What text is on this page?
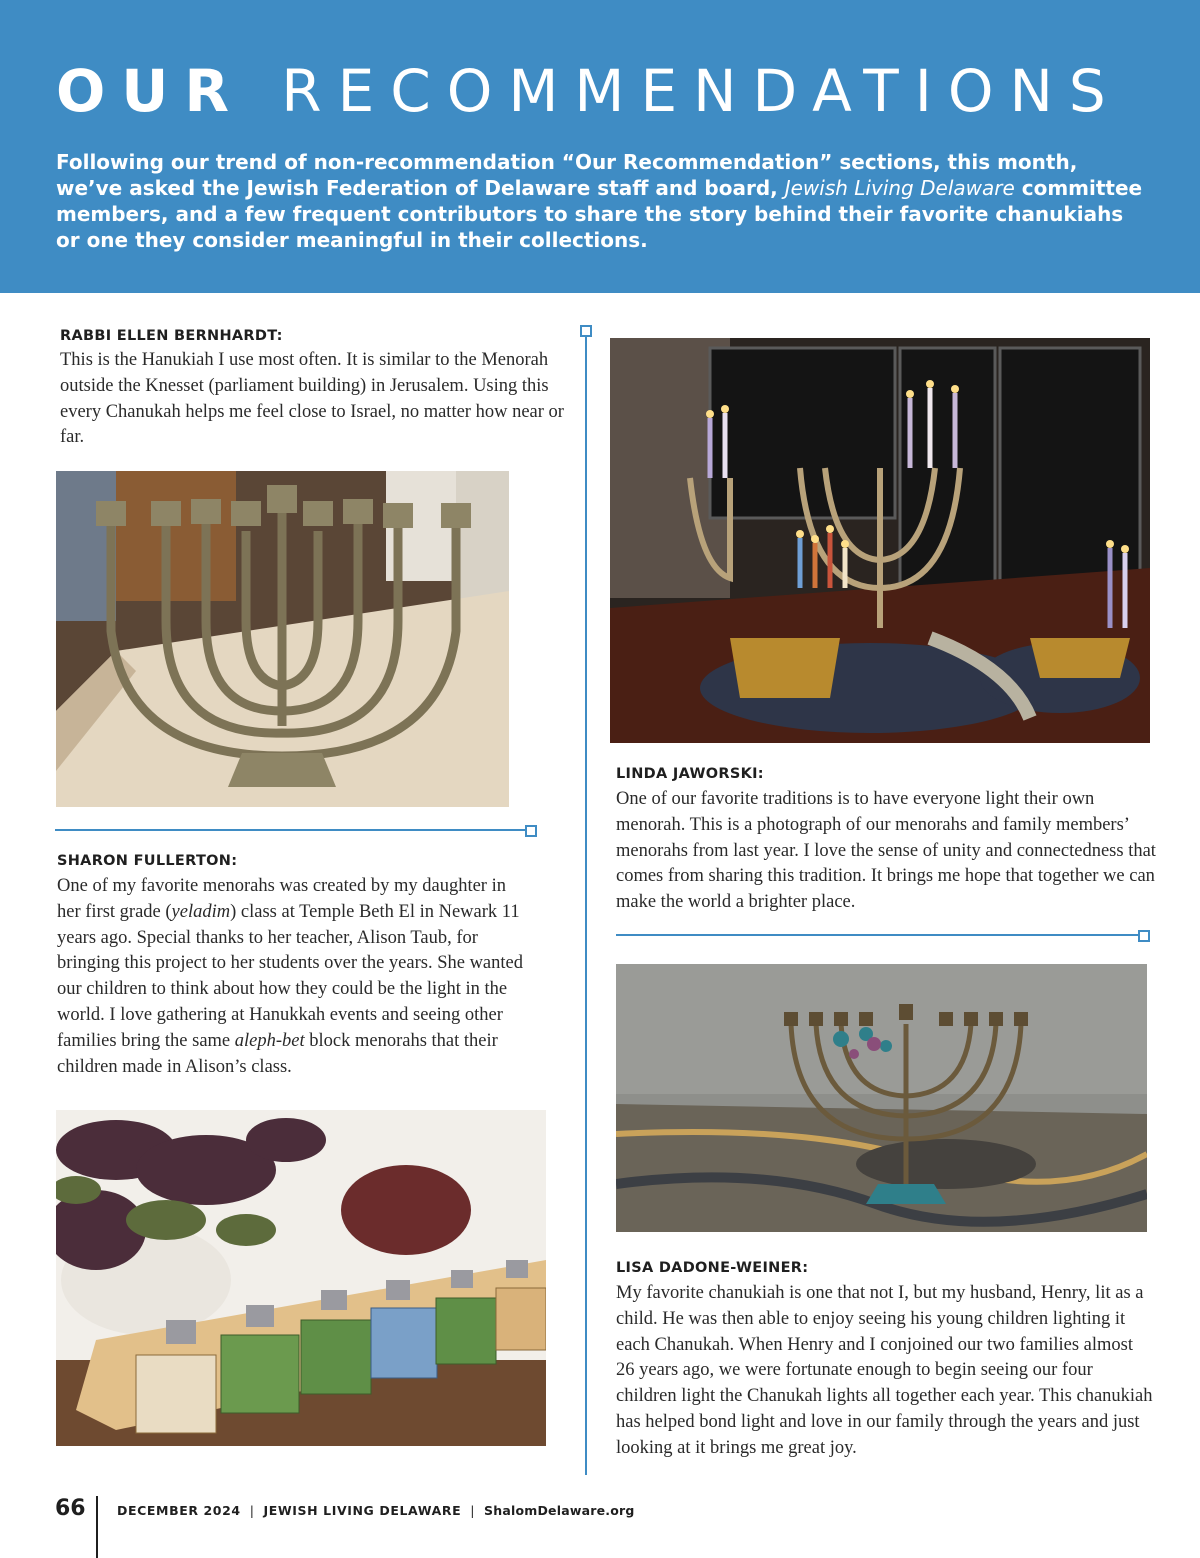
OUR RECOMMENDATIONS

Following our trend of non-recommendation “Our Recommendation” sections, this month, we’ve asked the Jewish Federation of Delaware staff and board, Jewish Living Delaware committee members, and a few frequent contributors to share the story behind their favorite chanukiahs or one they consider meaningful in their collections.

RABBI ELLEN BERNHARDT:

This is the Hanukiah I use most often. It is similar to the Menorah outside the Knesset (parliament building) in Jerusalem. Using this every Chanukah helps me feel close to Israel, no matter how near or far.

SHARON FULLERTON:

One of my favorite menorahs was created by my daughter in her first grade (yeladim) class at Temple Beth El in Newark 11 years ago. Special thanks to her teacher, Alison Taub, for bringing this project to her students over the years. She wanted our children to think about how they could be the light in the world. I love gathering at Hanukkah events and seeing other families bring the same aleph-bet block menorahs that their children made in Alison’s class.

LINDA JAWORSKI:

One of our favorite traditions is to have everyone light their own menorah. This is a photograph of our menorahs and family members’ menorahs from last year. I love the sense of unity and connectedness that comes from sharing this tradition. It brings me hope that together we can make the world a brighter place.

LISA DADONE-WEINER:

My favorite chanukiah is one that not I, but my husband, Henry, lit as a child. He was then able to enjoy seeing his young children lighting it each Chanukah. When Henry and I conjoined our two families almost 26 years ago, we were fortunate enough to begin seeing our four children light the Chanukah lights all together each year. This chanukiah has helped bond light and love in our family through the years and just looking at it brings me great joy.

66	DECEMBER 2024 | JEWISH LIVING DELAWARE | ShalomDelaware.org
